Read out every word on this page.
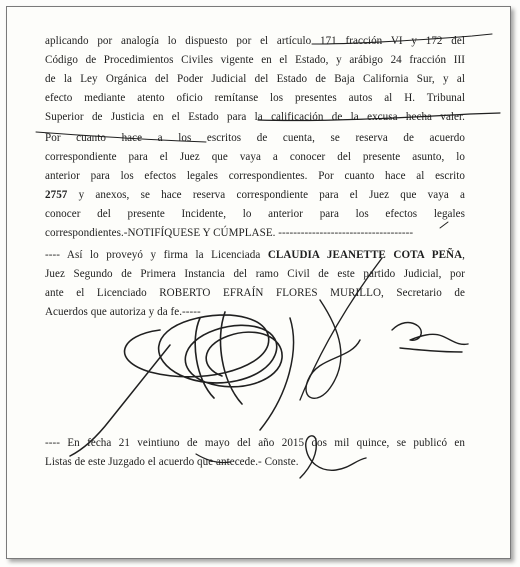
aplicando por analogía lo dispuesto por el artículo 171 fracción VI y 172 del
Código de Procedimientos Civiles vigente en el Estado, y arábigo 24 fracción III
de la Ley Orgánica del Poder Judicial del Estado de Baja California Sur, y al
efecto mediante atento oficio remítanse los presentes autos al H. Tribunal
Superior de Justicia en el Estado para la calificación de la excusa hecha valer.
Por cuanto hace a los escritos de cuenta, se reserva de acuerdo
correspondiente para el Juez que vaya a conocer del presente asunto, lo
anterior para los efectos legales correspondientes. Por cuanto hace al escrito
2757 y anexos, se hace reserva correspondiente para el Juez que vaya a
conocer del presente Incidente, lo anterior para los efectos legales
correspondientes.-NOTIFÍQUESE Y CÚMPLASE. ------------------------------------
---- Así lo proveyó y firma la Licenciada CLAUDIA JEANETTE COTA PEÑA,
Juez Segundo de Primera Instancia del ramo Civil de este partido Judicial, por
ante el Licenciado ROBERTO EFRAÍN FLORES MURILLO, Secretario de
Acuerdos que autoriza y da fe.-----
---- En fecha 21 veintiuno de mayo del año 2015 dos mil quince, se publicó en
Listas de este Juzgado el acuerdo que antecede.- Conste.
